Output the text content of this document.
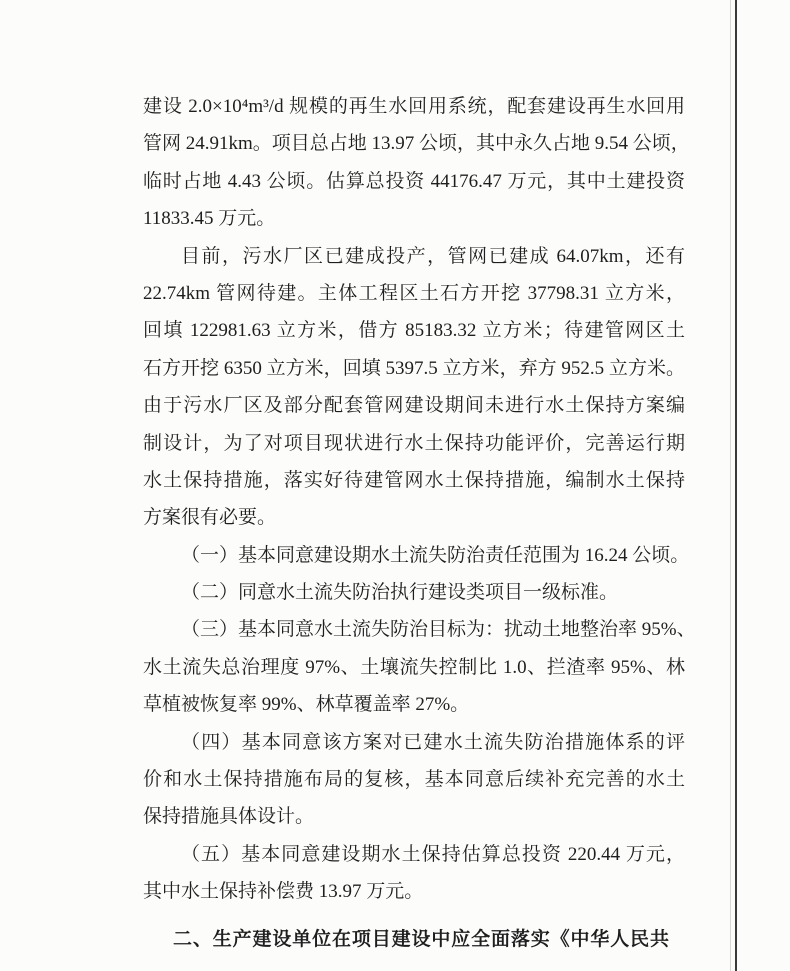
建设 2.0×10⁴m³/d 规模的再生水回用系统，配套建设再生水回用
管网 24.91km。项目总占地 13.97 公顷，其中永久占地 9.54 公顷，
临时占地 4.43 公顷。估算总投资 44176.47 万元，其中土建投资
11833.45 万元。
目前，污水厂区已建成投产，管网已建成 64.07km，还有
22.74km 管网待建。主体工程区土石方开挖 37798.31 立方米，
回填 122981.63 立方米，借方 85183.32 立方米；待建管网区土
石方开挖 6350 立方米，回填 5397.5 立方米，弃方 952.5 立方米。
由于污水厂区及部分配套管网建设期间未进行水土保持方案编
制设计，为了对项目现状进行水土保持功能评价，完善运行期
水土保持措施，落实好待建管网水土保持措施，编制水土保持
方案很有必要。
（一）基本同意建设期水土流失防治责任范围为 16.24 公顷。
（二）同意水土流失防治执行建设类项目一级标准。
（三）基本同意水土流失防治目标为：扰动土地整治率 95%、
水土流失总治理度 97%、土壤流失控制比 1.0、拦渣率 95%、林
草植被恢复率 99%、林草覆盖率 27%。
（四）基本同意该方案对已建水土流失防治措施体系的评
价和水土保持措施布局的复核，基本同意后续补充完善的水土
保持措施具体设计。
（五）基本同意建设期水土保持估算总投资 220.44 万元，
其中水土保持补偿费 13.97 万元。
二、生产建设单位在项目建设中应全面落实《中华人民共
